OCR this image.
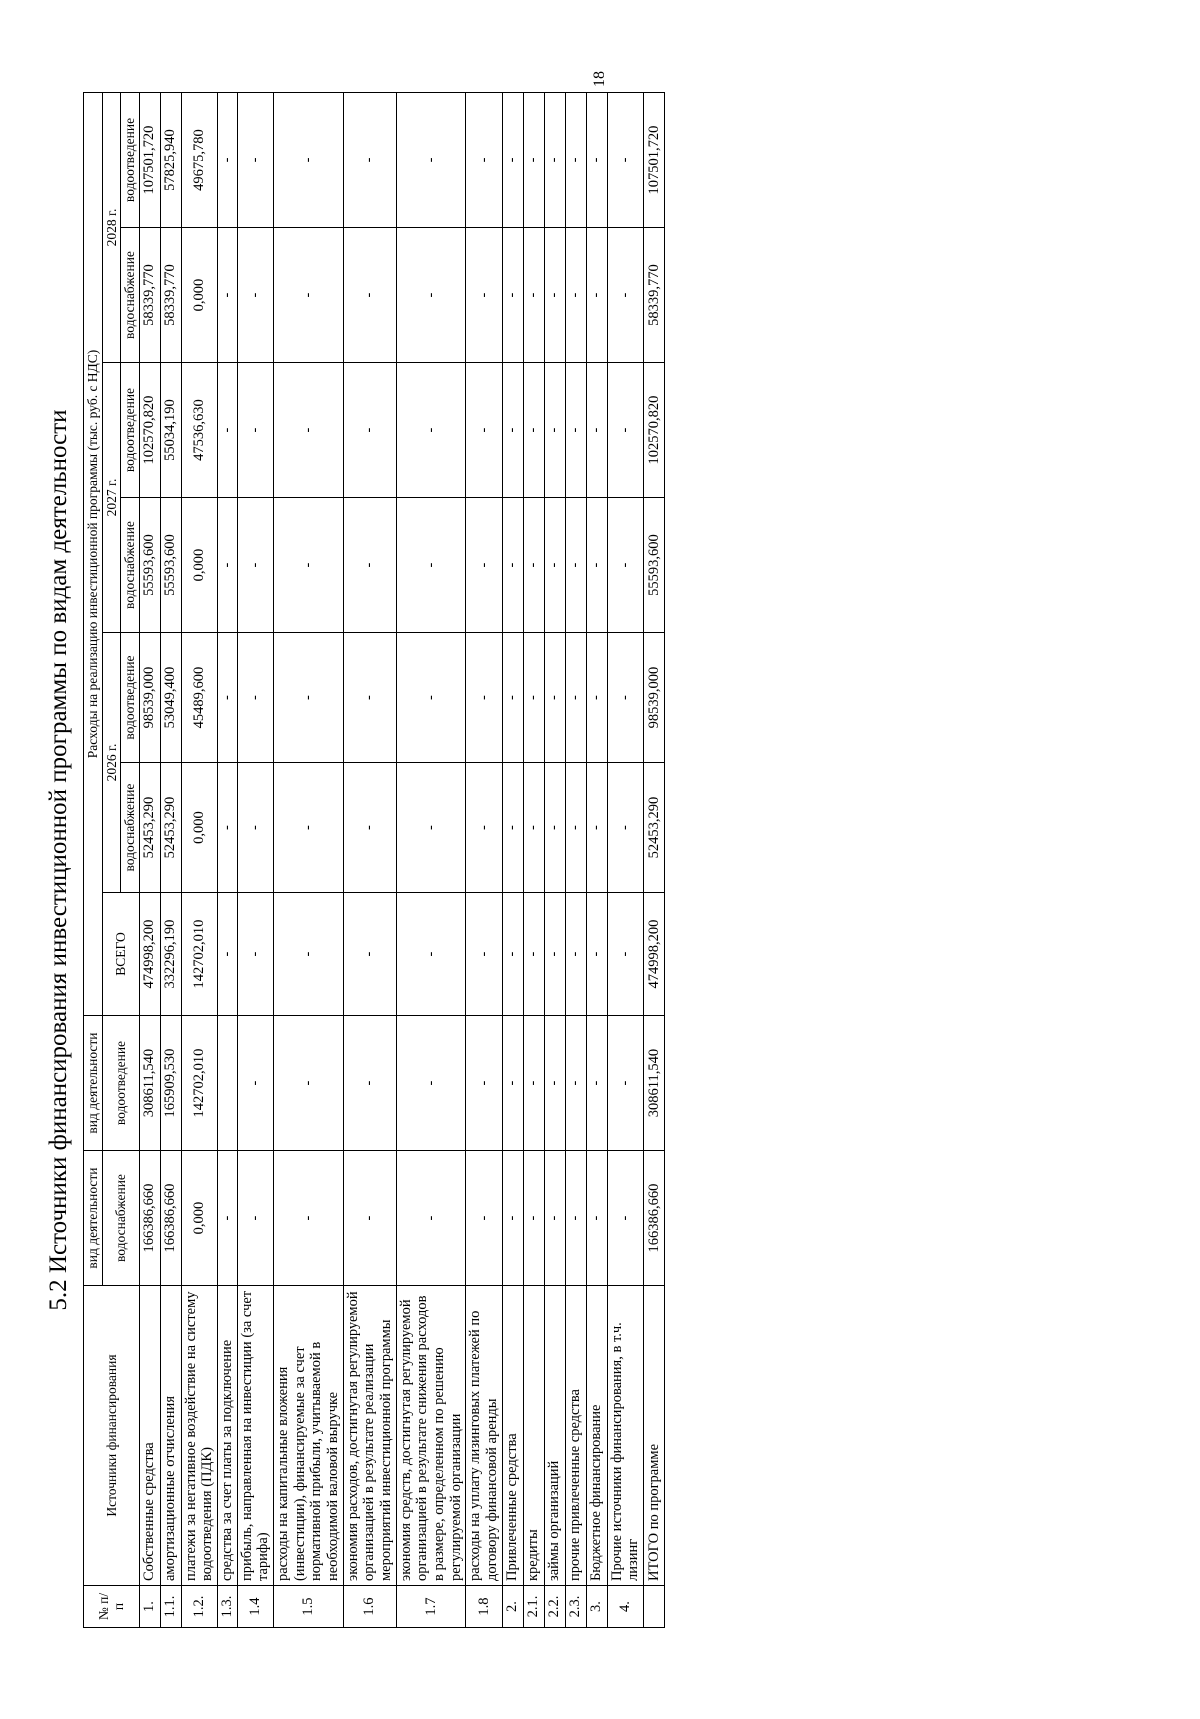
18
5.2 Источники финансирования инвестиционной программы по видам деятельности
№ п/п	Источники финансирования	вид деятельности	вид деятельности	Расходы на реализацию инвестиционной программы (тыс. руб. с НДС)						
		водоснабжение	водоотведение	ВСЕГО	2026 г.		2027 г.		2028 г.	
					водоснабжение	водоотведение	водоснабжение	водоотведение	водоснабжение	водоотведение
1.	Собственные средства	166386,660	308611,540	474998,200	52453,290	98539,000	55593,600	102570,820	58339,770	107501,720
1.1.	амортизационные отчисления	166386,660	165909,530	332296,190	52453,290	53049,400	55593,600	55034,190	58339,770	57825,940
1.2.	платежи за негативное воздействие на систему водоотведения (ПДК)	0,000	142702,010	142702,010	0,000	45489,600	0,000	47536,630	0,000	49675,780
1.3.	средства за счет платы за подключение	-		-	-	-	-	-	-	-
1.4	прибыль, направленная на инвестиции (за счет тарифа)	-	-	-	-	-	-	-	-	-
1.5	расходы на капитальные вложения (инвестиции), финансируемые за счет нормативной прибыли, учитываемой в необходимой валовой выручке	-	-	-	-	-	-	-	-	-
1.6	экономия расходов, достигнутая регулируемой организацией в результате реализации мероприятий инвестиционной программы	-	-	-	-	-	-	-	-	-
1.7	экономия средств, достигнутая регулируемой организацией в результате снижения расходов в размере, определенном по решению регулируемой организации	-	-	-	-	-	-	-	-	-
1.8	расходы на уплату лизинговых платежей по договору финансовой аренды	-	-	-	-	-	-	-	-	-
2.	Привлеченные средства	-	-	-	-	-	-	-	-	-
2.1.	кредиты	-	-	-	-	-	-	-	-	-
2.2.	займы организаций	-	-	-	-	-	-	-	-	-
2.3.	прочие привлеченные средства	-	-	-	-	-	-	-	-	-
3.	Бюджетное финансирование	-	-	-	-	-	-	-	-	-
4.	Прочие источники финансирования, в т.ч. лизинг	-	-	-	-	-	-	-	-	-
	ИТОГО по программе	166386,660	308611,540	474998,200	52453,290	98539,000	55593,600	102570,820	58339,770	107501,720
